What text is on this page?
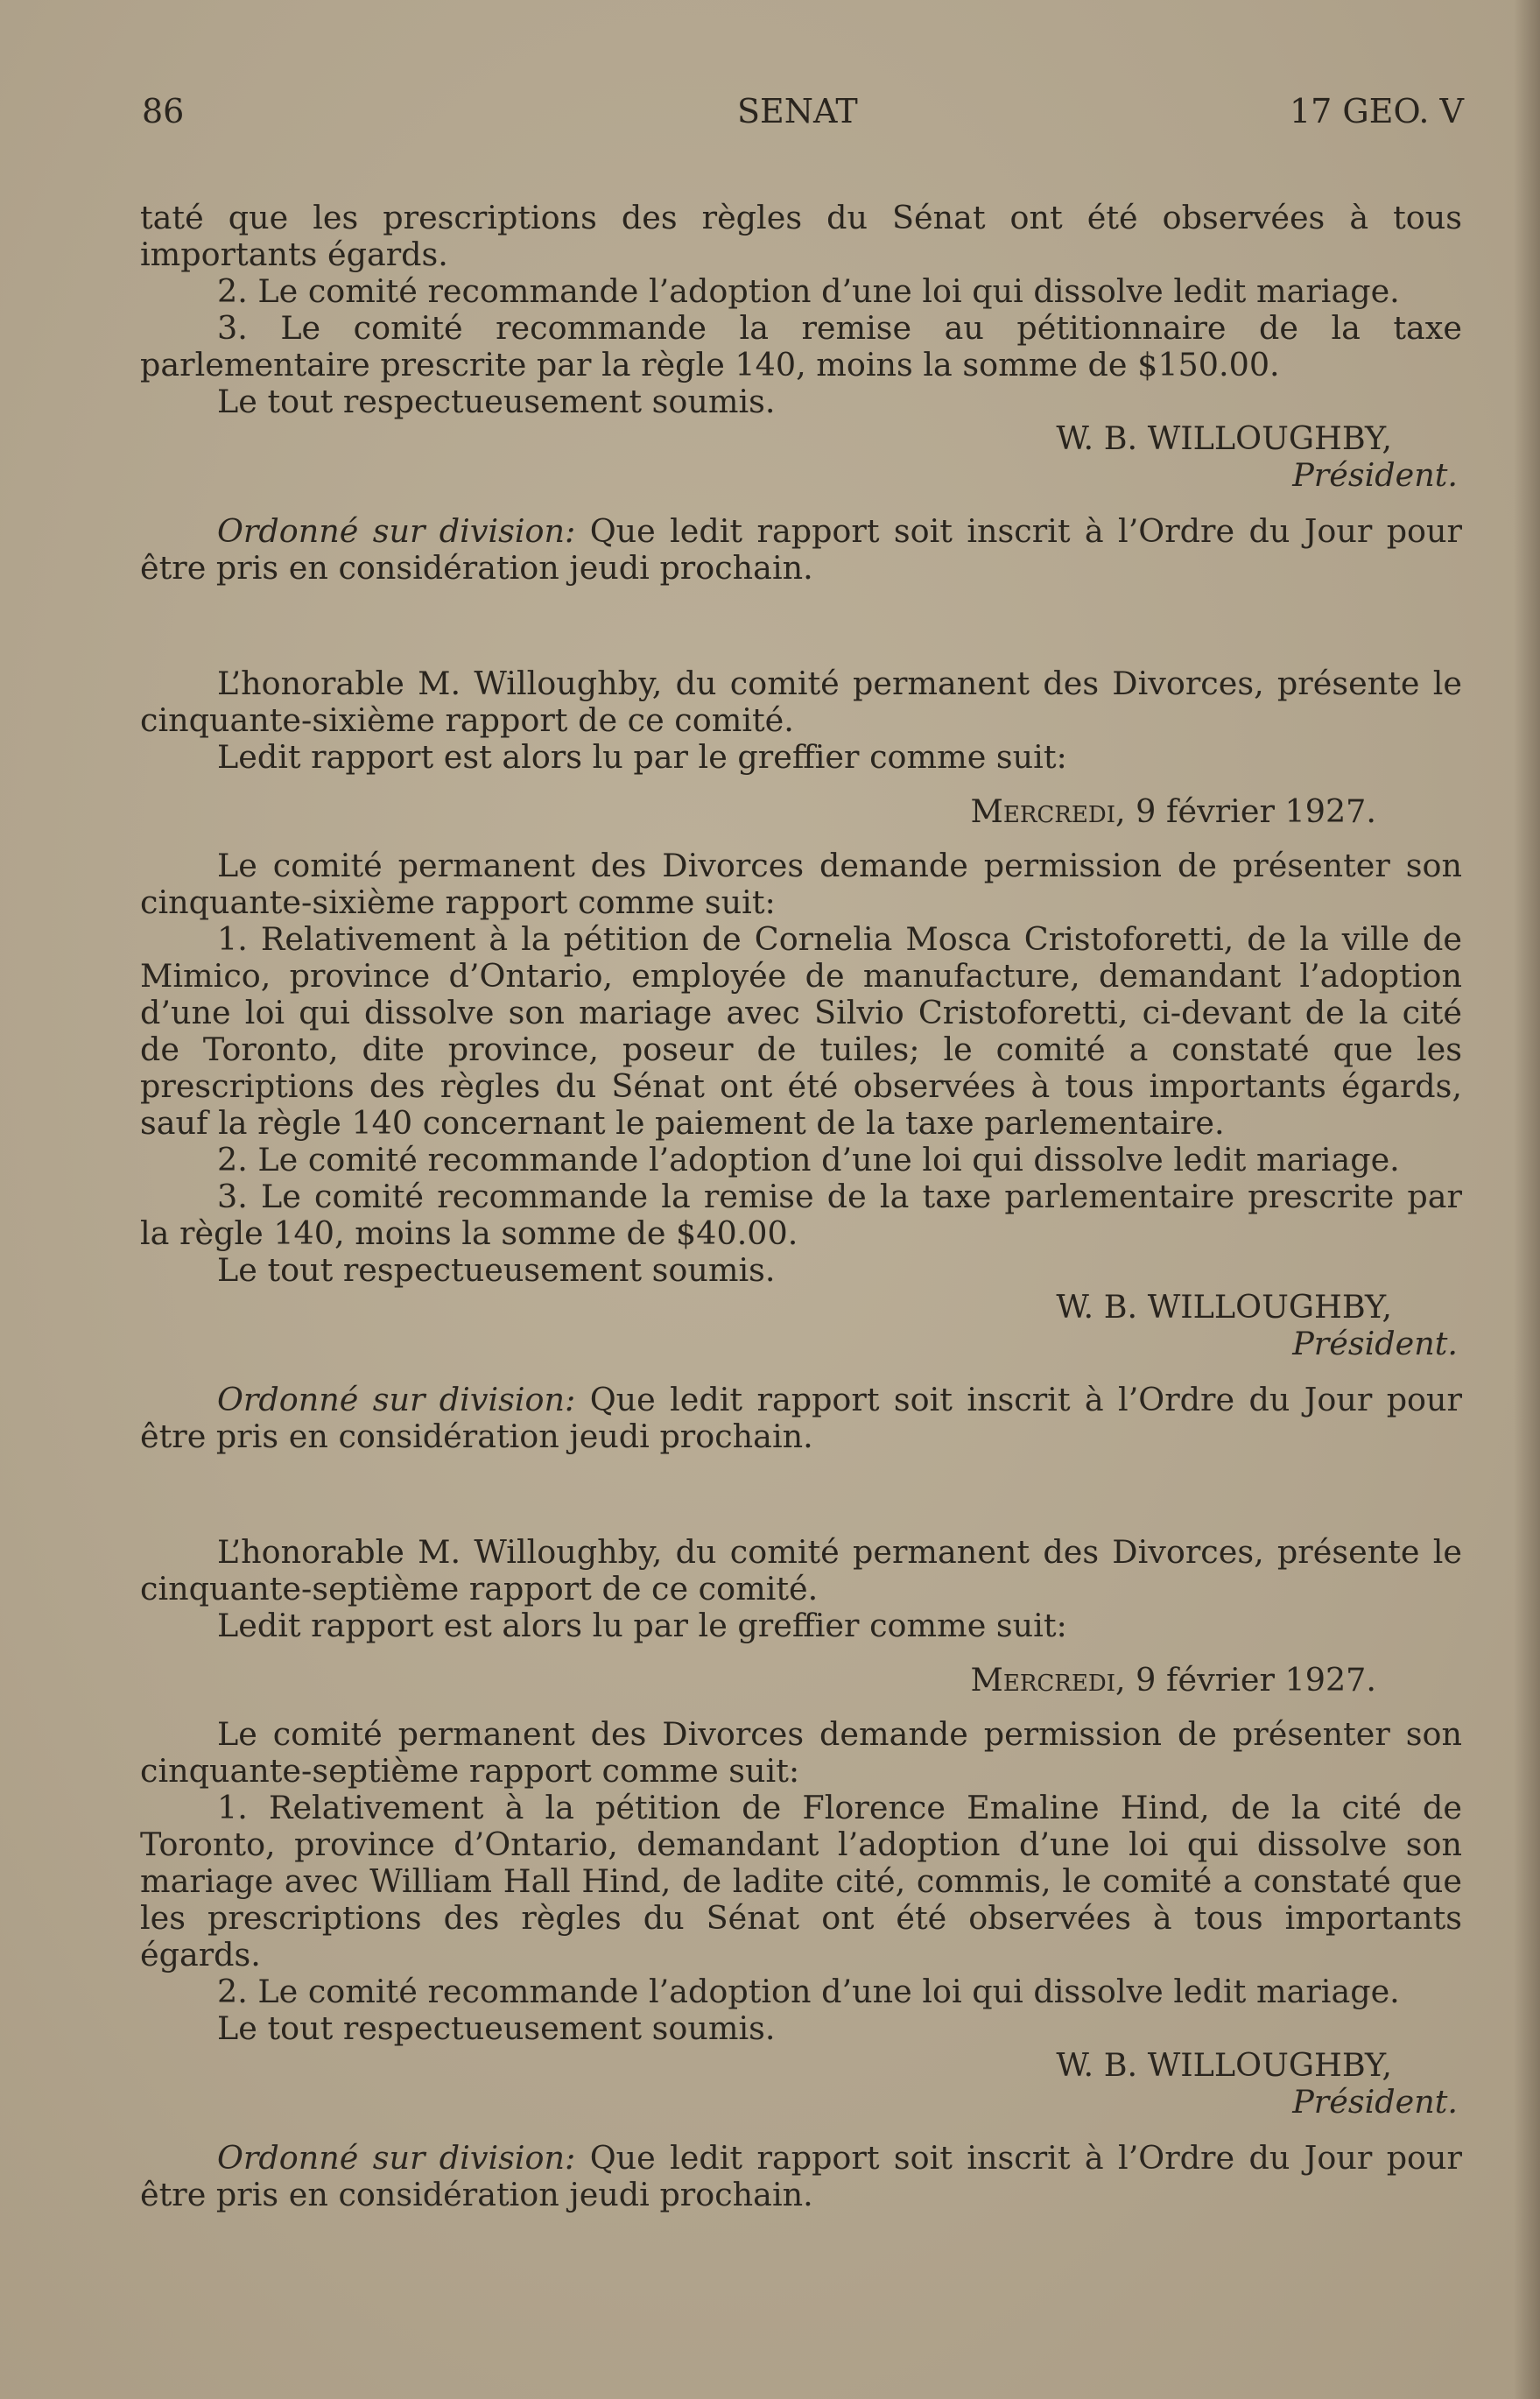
86	SENAT	17 GEO. V

taté que les prescriptions des règles du Sénat ont été observées à tous importants égards.

2. Le comité recommande l’adoption d’une loi qui dissolve ledit mariage.

3. Le comité recommande la remise au pétitionnaire de la taxe parlementaire prescrite par la règle 140, moins la somme de $150.00.

Le tout respectueusement soumis.

W. B. WILLOUGHBY,

Président.

Ordonné sur division: Que ledit rapport soit inscrit à l’Ordre du Jour pour être pris en considération jeudi prochain.

L’honorable M. Willoughby, du comité permanent des Divorces, présente le cinquante-sixième rapport de ce comité.

Ledit rapport est alors lu par le greffier comme suit:

Mercredi, 9 février 1927.

Le comité permanent des Divorces demande permission de présenter son cinquante-sixième rapport comme suit:

1. Relativement à la pétition de Cornelia Mosca Cristoforetti, de la ville de Mimico, province d’Ontario, employée de manufacture, demandant l’adoption d’une loi qui dissolve son mariage avec Silvio Cristoforetti, ci-devant de la cité de Toronto, dite province, poseur de tuiles; le comité a constaté que les prescriptions des règles du Sénat ont été observées à tous importants égards, sauf la règle 140 concernant le paiement de la taxe parlementaire.

2. Le comité recommande l’adoption d’une loi qui dissolve ledit mariage.

3. Le comité recommande la remise de la taxe parlementaire prescrite par la règle 140, moins la somme de $40.00.

Le tout respectueusement soumis.

W. B. WILLOUGHBY,

Président.

Ordonné sur division: Que ledit rapport soit inscrit à l’Ordre du Jour pour être pris en considération jeudi prochain.

L’honorable M. Willoughby, du comité permanent des Divorces, présente le cinquante-septième rapport de ce comité.

Ledit rapport est alors lu par le greffier comme suit:

Mercredi, 9 février 1927.

Le comité permanent des Divorces demande permission de présenter son cinquante-septième rapport comme suit:

1. Relativement à la pétition de Florence Emaline Hind, de la cité de Toronto, province d’Ontario, demandant l’adoption d’une loi qui dissolve son mariage avec William Hall Hind, de ladite cité, commis, le comité a constaté que les prescriptions des règles du Sénat ont été observées à tous importants égards.

2. Le comité recommande l’adoption d’une loi qui dissolve ledit mariage.

Le tout respectueusement soumis.

W. B. WILLOUGHBY,

Président.

Ordonné sur division: Que ledit rapport soit inscrit à l’Ordre du Jour pour être pris en considération jeudi prochain.
